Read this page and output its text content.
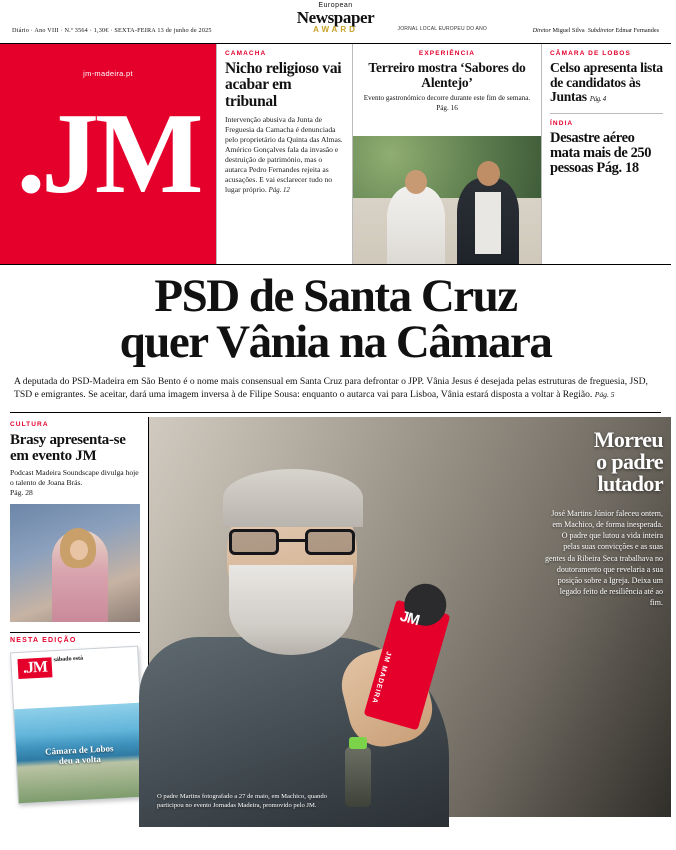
Diário · Ano VIII · N.º 3564 · 1,30€ · SEXTA-FEIRA 13 de junho de 2025
European
Newspaper
AWARD	JORNAL LOCAL EUROPEU DO ANO	Diretor Miguel Silva Subdiretor Edmar Fernandes
jm-madeira.pt
.JM
CAMACHA
Nicho religioso vai acabar em tribunal
Intervenção abusiva da Junta de Freguesia da Camacha é denunciada pelo proprietário da Quinta das Almas. Américo Gonçalves fala da invasão e destruição de património, mas o autarca Pedro Fernandes rejeita as acusações. E vai esclarecer tudo no lugar próprio. Pág. 12
EXPERIÊNCIA
Terreiro mostra ‘Sabores do Alentejo’
Evento gastronómico decorre durante este fim de semana. Pág. 16
CÂMARA DE LOBOS
Celso apresenta lista de candidatos às Juntas Pág. 4
ÍNDIA
Desastre aéreo mata mais de 250 pessoas Pág. 18
PSD de Santa Cruz
quer Vânia na Câmara
A deputada do PSD-Madeira em São Bento é o nome mais consensual em Santa Cruz para defrontar o JPP. Vânia Jesus é desejada pelas estruturas de freguesia, JSD, TSD e emigrantes. Se aceitar, dará uma imagem inversa à de Filipe Sousa: enquanto o autarca vai para Lisboa, Vânia estará disposta a voltar à Região. Pág. 5
CULTURA
Brasy apresenta-se em evento JM
Podcast Madeira Soundscape divulga hoje o talento de Joana Brás.
Pág. 28
NESTA EDIÇÃO
.JM sábado està
Câmara de Lobos
deu a volta
JM
JM MADEIRA
Morreu
o padre
lutador

José Martins Júnior faleceu ontem, em Machico, de forma inesperada. O padre que lutou a vida inteira pelas suas convicções e as suas gentes da Ribeira Seca trabalhava no doutoramento que revelaria a sua posição sobre a Igreja. Deixa um legado feito de resiliência até ao fim.

O padre Martins fotografado a 27 de maio, em Machico, quando participou no evento Jornadas Madeira, promovido pelo JM.
FOTO MARCO SOUSA
